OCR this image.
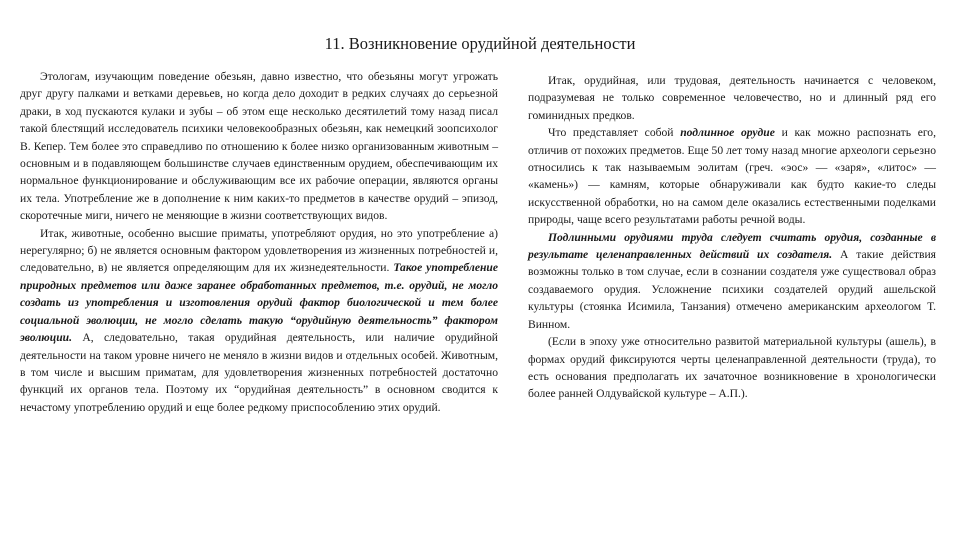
11. Возникновение орудийной деятельности

Этологам, изучающим поведение обезьян, давно известно, что обезьяны могут угрожать друг другу палками и ветками деревьев, но когда дело доходит в редких случаях до серьезной драки, в ход пускаются кулаки и зубы – об этом еще несколько десятилетий тому назад писал такой блестящий исследователь психики человекообразных обезьян, как немецкий зоопсихолог В. Кепер. Тем более это справедливо по отношению к более низко организованным животным – основным и в подавляющем большинстве случаев единственным орудием, обеспечивающим их нормальное функционирование и обслуживающим все их рабочие операции, являются органы их тела. Употребление же в дополнение к ним каких-то предметов в качестве орудий – эпизод, скоротечные миги, ничего не меняющие в жизни соответствующих видов.

Итак, животные, особенно высшие приматы, употребляют орудия, но это употребление а) нерегулярно; б) не является основным фактором удовлетворения из жизненных потребностей и, следовательно, в) не является определяющим для их жизнедеятельности. Такое употребление природных предметов или даже заранее обработанных предметов, т.е. орудий, не могло создать из употребления и изготовления орудий фактор биологической и тем более социальной эволюции, не могло сделать такую “орудийную деятельность” фактором эволюции. А, следовательно, такая орудийная деятельность, или наличие орудийной деятельности на таком уровне ничего не меняло в жизни видов и отдельных особей. Животным, в том числе и высшим приматам, для удовлетворения жизненных потребностей достаточно функций их органов тела. Поэтому их “орудийная деятельность” в основном сводится к нечастому употреблению орудий и еще более редкому приспособлению этих орудий.

Итак, орудийная, или трудовая, деятельность начинается с человеком, подразумевая не только современное человечество, но и длинный ряд его гоминидных предков.

Что представляет собой подлинное орудие и как можно распознать его, отличив от похожих предметов. Еще 50 лет тому назад многие археологи серьезно относились к так называемым эолитам (греч. «эос» — «заря», «литос» — «камень») — камням, которые обнаруживали как будто какие-то следы искусственной обработки, но на самом деле оказались естественными поделками природы, чаще всего результатами работы речной воды.

Подлинными орудиями труда следует считать орудия, созданные в результате целенаправленных действий их создателя. А такие действия возможны только в том случае, если в сознании создателя уже существовал образ создаваемого орудия. Усложнение психики создателей орудий ашельской культуры (стоянка Исимила, Танзания) отмечено американским археологом Т. Винном.

(Если в эпоху уже относительно развитой материальной культуры (ашель), в формах орудий фиксируются черты целенаправленной деятельности (труда), то есть основания предполагать их зачаточное возникновение в хронологически более ранней Олдувайской культуре – А.П.).
